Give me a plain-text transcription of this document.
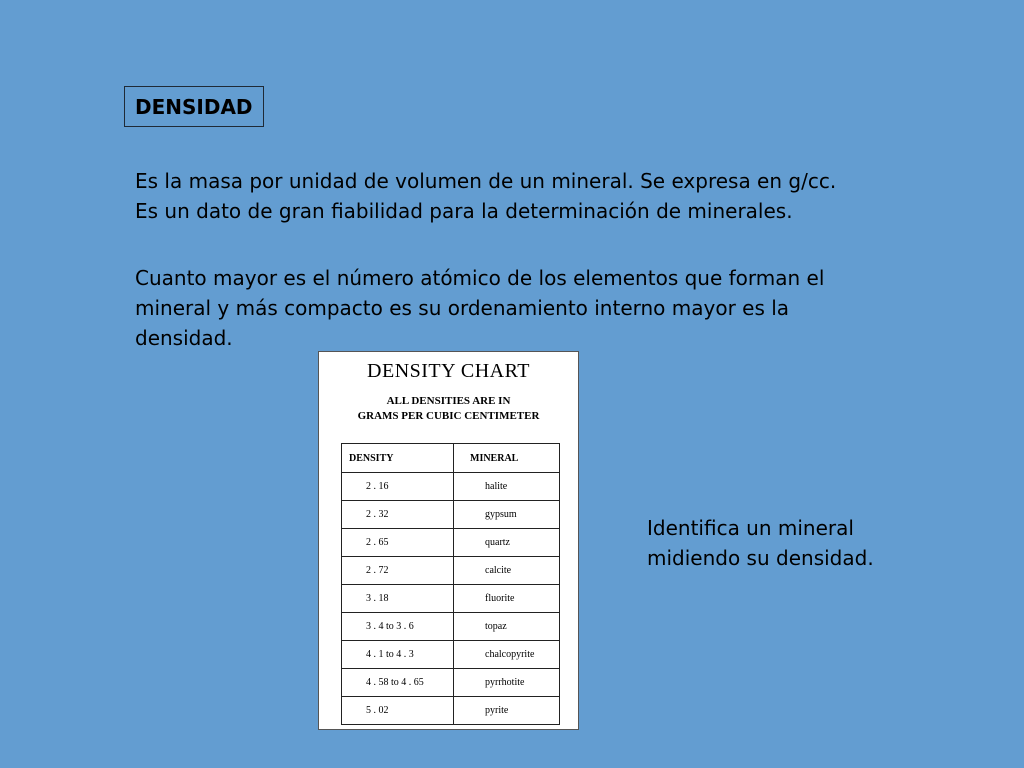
DENSIDAD

Es la masa por unidad de volumen de un mineral. Se expresa en g/cc.
Es un dato de gran fiabilidad para la determinación de minerales.

Cuanto mayor es el número atómico de los elementos que forman el
mineral y más compacto es su ordenamiento interno mayor es la
densidad.

DENSITY CHART
ALL DENSITIES ARE IN
GRAMS PER CUBIC CENTIMETER
DENSITY	MINERAL
2 . 16	halite
2 . 32	gypsum
2 . 65	quartz
2 . 72	calcite
3 . 18	fluorite
3 . 4 to 3 . 6	topaz
4 . 1 to 4 . 3	chalcopyrite
4 . 58 to 4 . 65	pyrrhotite
5 . 02	pyrite

Identifica un mineral
midiendo su densidad.
